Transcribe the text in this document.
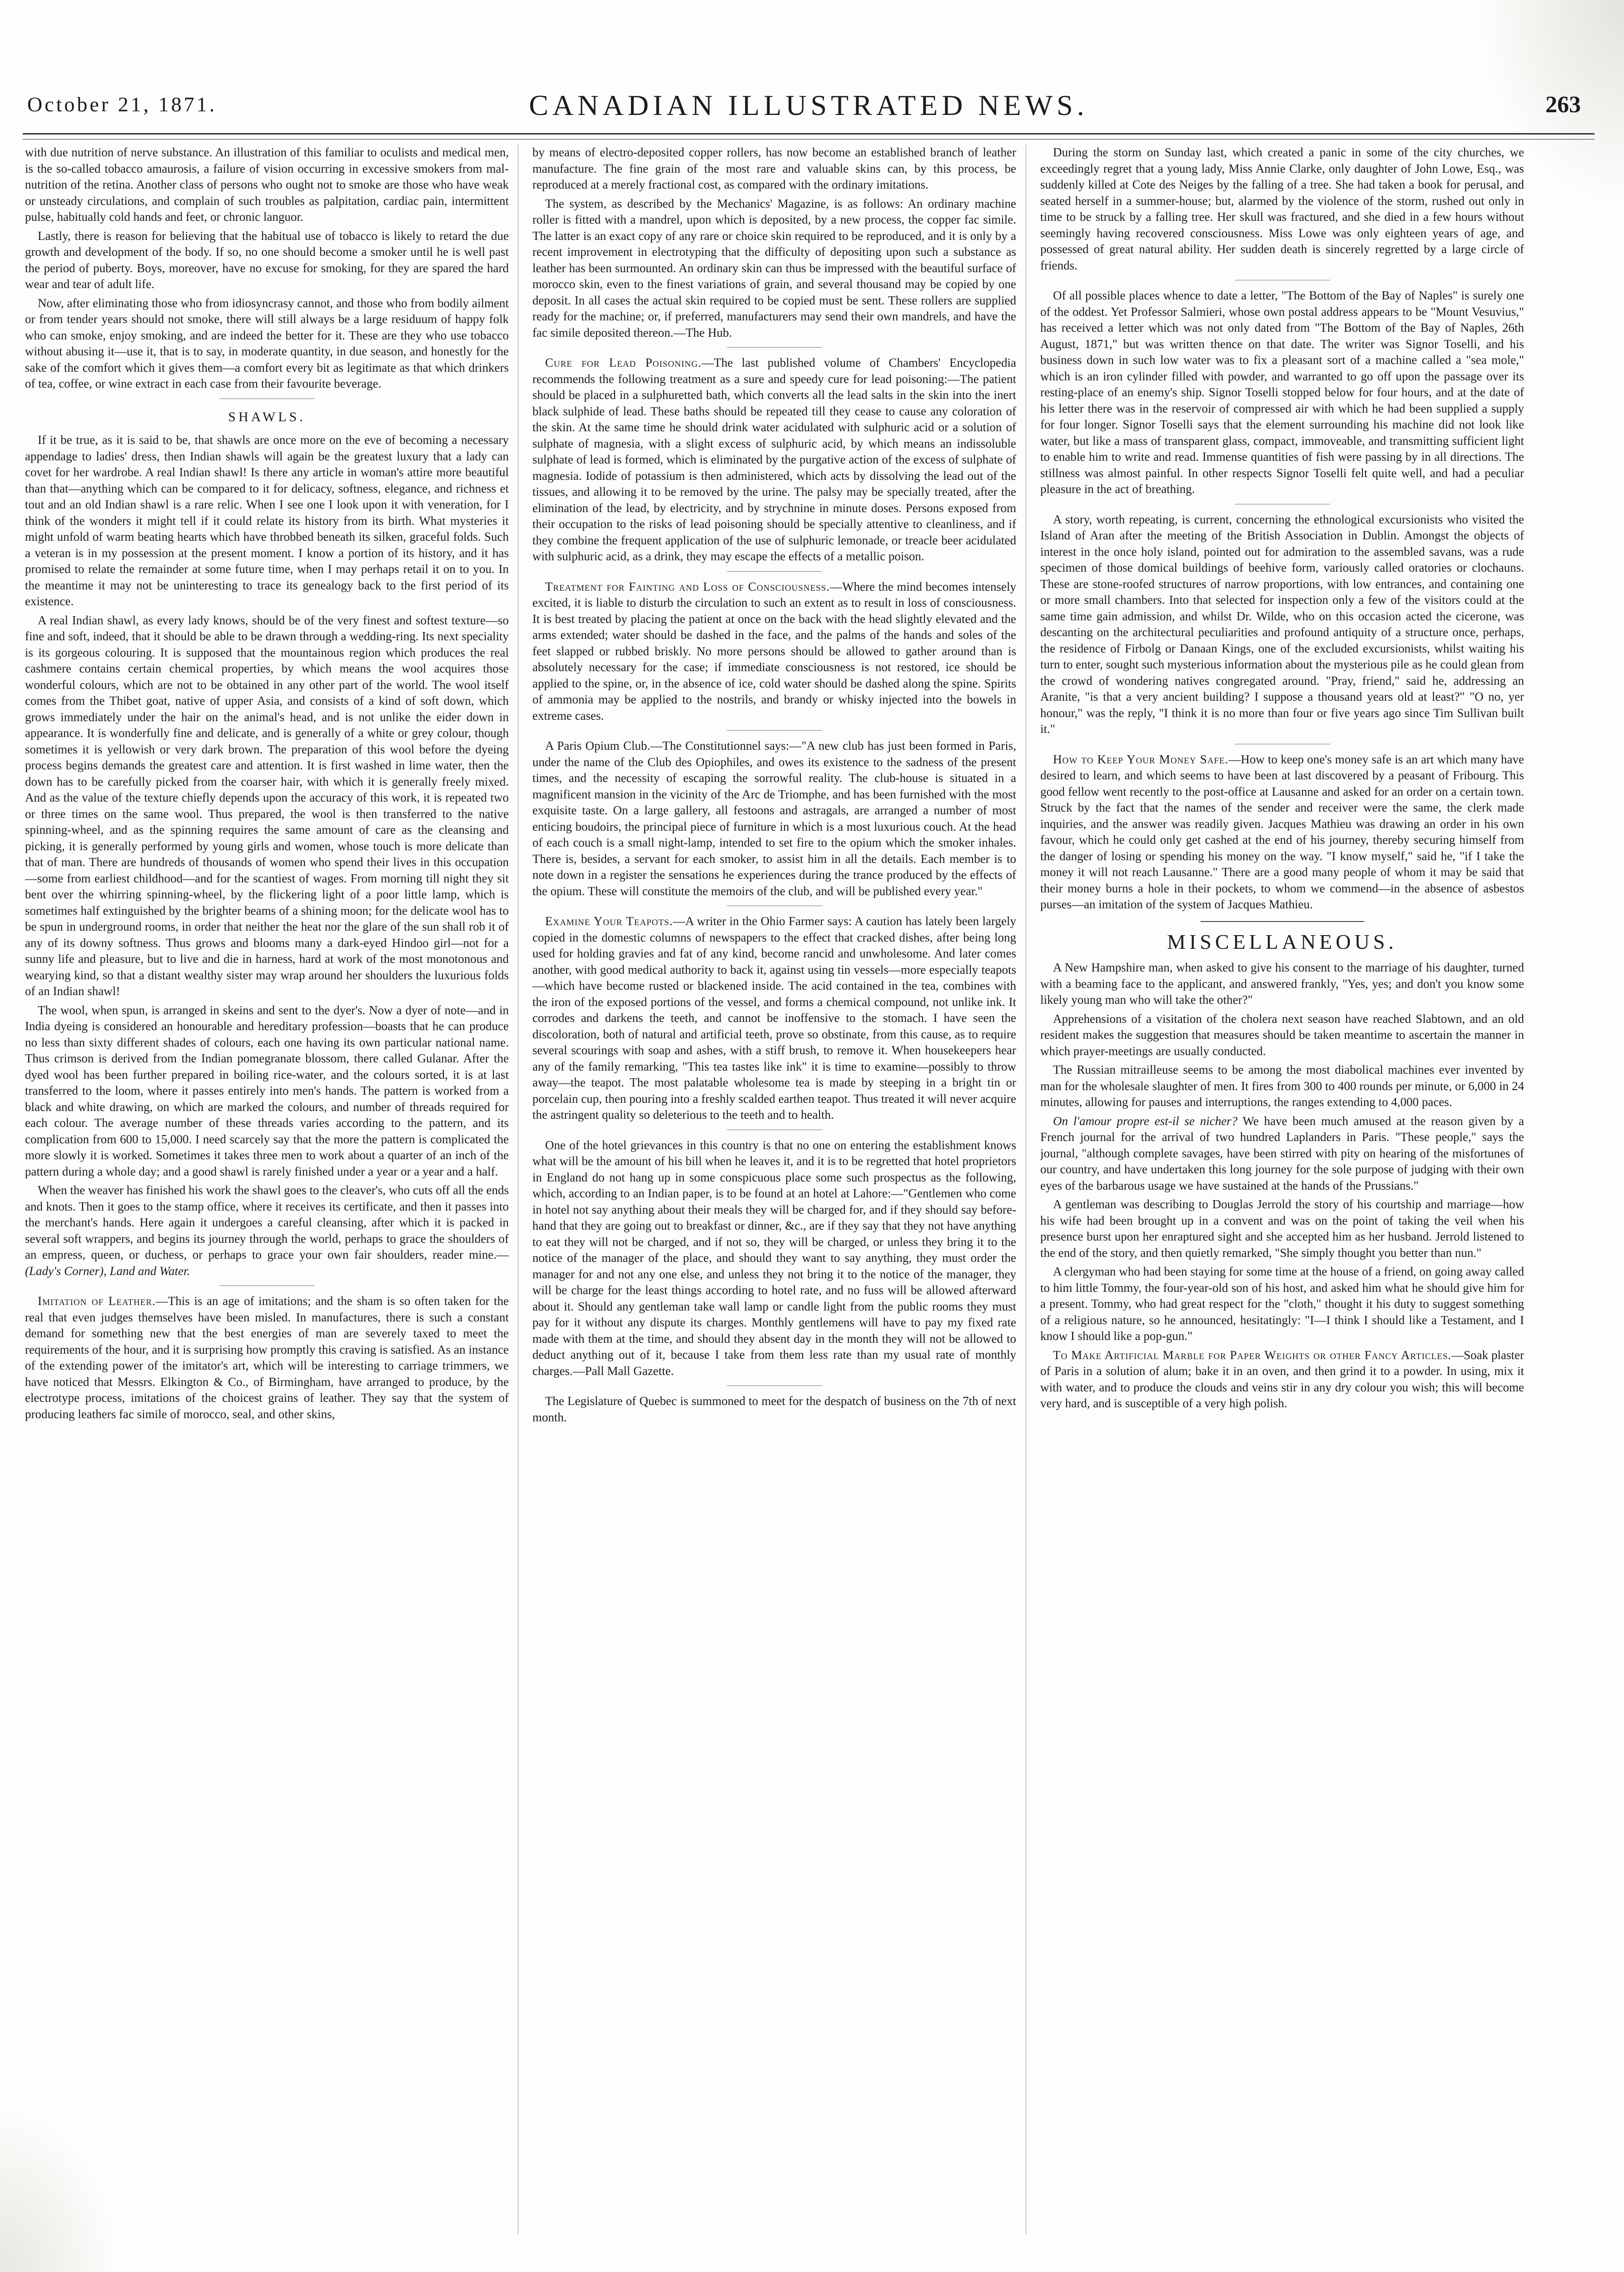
October 21, 1871.	CANADIAN ILLUSTRATED NEWS.	263

with due nutrition of nerve substance. An illustration of this familiar to oculists and medical men, is the so-called tobacco amaurosis, a failure of vision occurring in excessive smokers from mal-nutrition of the retina. Another class of persons who ought not to smoke are those who have weak or unsteady circulations, and complain of such troubles as palpitation, cardiac pain, intermittent pulse, habitually cold hands and feet, or chronic languor.

Lastly, there is reason for believing that the habitual use of tobacco is likely to retard the due growth and development of the body. If so, no one should become a smoker until he is well past the period of puberty. Boys, moreover, have no excuse for smoking, for they are spared the hard wear and tear of adult life.

Now, after eliminating those who from idiosyncrasy cannot, and those who from bodily ailment or from tender years should not smoke, there will still always be a large residuum of happy folk who can smoke, enjoy smoking, and are indeed the better for it. These are they who use tobacco without abusing it—use it, that is to say, in moderate quantity, in due season, and honestly for the sake of the comfort which it gives them—a comfort every bit as legitimate as that which drinkers of tea, coffee, or wine extract in each case from their favourite beverage.

SHAWLS.

If it be true, as it is said to be, that shawls are once more on the eve of becoming a necessary appendage to ladies' dress, then Indian shawls will again be the greatest luxury that a lady can covet for her wardrobe. A real Indian shawl! Is there any article in woman's attire more beautiful than that—anything which can be compared to it for delicacy, softness, elegance, and richness et tout and an old Indian shawl is a rare relic. When I see one I look upon it with veneration, for I think of the wonders it might tell if it could relate its history from its birth. What mysteries it might unfold of warm beating hearts which have throbbed beneath its silken, graceful folds. Such a veteran is in my possession at the present moment. I know a portion of its history, and it has promised to relate the remainder at some future time, when I may perhaps retail it on to you. In the meantime it may not be uninteresting to trace its genealogy back to the first period of its existence.

A real Indian shawl, as every lady knows, should be of the very finest and softest texture—so fine and soft, indeed, that it should be able to be drawn through a wedding-ring. Its next speciality is its gorgeous colouring. It is supposed that the mountainous region which produces the real cashmere contains certain chemical properties, by which means the wool acquires those wonderful colours, which are not to be obtained in any other part of the world. The wool itself comes from the Thibet goat, native of upper Asia, and consists of a kind of soft down, which grows immediately under the hair on the animal's head, and is not unlike the eider down in appearance. It is wonderfully fine and delicate, and is generally of a white or grey colour, though sometimes it is yellowish or very dark brown. The preparation of this wool before the dyeing process begins demands the greatest care and attention. It is first washed in lime water, then the down has to be carefully picked from the coarser hair, with which it is generally freely mixed. And as the value of the texture chiefly depends upon the accuracy of this work, it is repeated two or three times on the same wool. Thus prepared, the wool is then transferred to the native spinning-wheel, and as the spinning requires the same amount of care as the cleansing and picking, it is generally performed by young girls and women, whose touch is more delicate than that of man. There are hundreds of thousands of women who spend their lives in this occupation—some from earliest childhood—and for the scantiest of wages. From morning till night they sit bent over the whirring spinning-wheel, by the flickering light of a poor little lamp, which is sometimes half extinguished by the brighter beams of a shining moon; for the delicate wool has to be spun in underground rooms, in order that neither the heat nor the glare of the sun shall rob it of any of its downy softness. Thus grows and blooms many a dark-eyed Hindoo girl—not for a sunny life and pleasure, but to live and die in harness, hard at work of the most monotonous and wearying kind, so that a distant wealthy sister may wrap around her shoulders the luxurious folds of an Indian shawl!

The wool, when spun, is arranged in skeins and sent to the dyer's. Now a dyer of note—and in India dyeing is considered an honourable and hereditary profession—boasts that he can produce no less than sixty different shades of colours, each one having its own particular national name. Thus crimson is derived from the Indian pomegranate blossom, there called Gulanar. After the dyed wool has been further prepared in boiling rice-water, and the colours sorted, it is at last transferred to the loom, where it passes entirely into men's hands. The pattern is worked from a black and white drawing, on which are marked the colours, and number of threads required for each colour. The average number of these threads varies according to the pattern, and its complication from 600 to 15,000. I need scarcely say that the more the pattern is complicated the more slowly it is worked. Sometimes it takes three men to work about a quarter of an inch of the pattern during a whole day; and a good shawl is rarely finished under a year or a year and a half.

When the weaver has finished his work the shawl goes to the cleaver's, who cuts off all the ends and knots. Then it goes to the stamp office, where it receives its certificate, and then it passes into the merchant's hands. Here again it undergoes a careful cleansing, after which it is packed in several soft wrappers, and begins its journey through the world, perhaps to grace the shoulders of an empress, queen, or duchess, or perhaps to grace your own fair shoulders, reader mine.—(Lady's Corner), Land and Water.

Imitation of Leather.—This is an age of imitations; and the sham is so often taken for the real that even judges themselves have been misled. In manufactures, there is such a constant demand for something new that the best energies of man are severely taxed to meet the requirements of the hour, and it is surprising how promptly this craving is satisfied. As an instance of the extending power of the imitator's art, which will be interesting to carriage trimmers, we have noticed that Messrs. Elkington & Co., of Birmingham, have arranged to produce, by the electrotype process, imitations of the choicest grains of leather. They say that the system of producing leathers fac simile of morocco, seal, and other skins,

by means of electro-deposited copper rollers, has now become an established branch of leather manufacture. The fine grain of the most rare and valuable skins can, by this process, be reproduced at a merely fractional cost, as compared with the ordinary imitations.

The system, as described by the Mechanics' Magazine, is as follows: An ordinary machine roller is fitted with a mandrel, upon which is deposited, by a new process, the copper fac simile. The latter is an exact copy of any rare or choice skin required to be reproduced, and it is only by a recent improvement in electrotyping that the difficulty of depositing upon such a substance as leather has been surmounted. An ordinary skin can thus be impressed with the beautiful surface of morocco skin, even to the finest variations of grain, and several thousand may be copied by one deposit. In all cases the actual skin required to be copied must be sent. These rollers are supplied ready for the machine; or, if preferred, manufacturers may send their own mandrels, and have the fac simile deposited thereon.—The Hub.

Cure for Lead Poisoning.—The last published volume of Chambers' Encyclopedia recommends the following treatment as a sure and speedy cure for lead poisoning:—The patient should be placed in a sulphuretted bath, which converts all the lead salts in the skin into the inert black sulphide of lead. These baths should be repeated till they cease to cause any coloration of the skin. At the same time he should drink water acidulated with sulphuric acid or a solution of sulphate of magnesia, with a slight excess of sulphuric acid, by which means an indissoluble sulphate of lead is formed, which is eliminated by the purgative action of the excess of sulphate of magnesia. Iodide of potassium is then administered, which acts by dissolving the lead out of the tissues, and allowing it to be removed by the urine. The palsy may be specially treated, after the elimination of the lead, by electricity, and by strychnine in minute doses. Persons exposed from their occupation to the risks of lead poisoning should be specially attentive to cleanliness, and if they combine the frequent application of the use of sulphuric lemonade, or treacle beer acidulated with sulphuric acid, as a drink, they may escape the effects of a metallic poison.

Treatment for Fainting and Loss of Consciousness.—Where the mind becomes intensely excited, it is liable to disturb the circulation to such an extent as to result in loss of consciousness. It is best treated by placing the patient at once on the back with the head slightly elevated and the arms extended; water should be dashed in the face, and the palms of the hands and soles of the feet slapped or rubbed briskly. No more persons should be allowed to gather around than is absolutely necessary for the case; if immediate consciousness is not restored, ice should be applied to the spine, or, in the absence of ice, cold water should be dashed along the spine. Spirits of ammonia may be applied to the nostrils, and brandy or whisky injected into the bowels in extreme cases.

A Paris Opium Club.—The Constitutionnel says:—"A new club has just been formed in Paris, under the name of the Club des Opiophiles, and owes its existence to the sadness of the present times, and the necessity of escaping the sorrowful reality. The club-house is situated in a magnificent mansion in the vicinity of the Arc de Triomphe, and has been furnished with the most exquisite taste. On a large gallery, all festoons and astragals, are arranged a number of most enticing boudoirs, the principal piece of furniture in which is a most luxurious couch. At the head of each couch is a small night-lamp, intended to set fire to the opium which the smoker inhales. There is, besides, a servant for each smoker, to assist him in all the details. Each member is to note down in a register the sensations he experiences during the trance produced by the effects of the opium. These will constitute the memoirs of the club, and will be published every year."

Examine Your Teapots.—A writer in the Ohio Farmer says: A caution has lately been largely copied in the domestic columns of newspapers to the effect that cracked dishes, after being long used for holding gravies and fat of any kind, become rancid and unwholesome. And later comes another, with good medical authority to back it, against using tin vessels—more especially teapots—which have become rusted or blackened inside. The acid contained in the tea, combines with the iron of the exposed portions of the vessel, and forms a chemical compound, not unlike ink. It corrodes and darkens the teeth, and cannot be inoffensive to the stomach. I have seen the discoloration, both of natural and artificial teeth, prove so obstinate, from this cause, as to require several scourings with soap and ashes, with a stiff brush, to remove it. When housekeepers hear any of the family remarking, "This tea tastes like ink" it is time to examine—possibly to throw away—the teapot. The most palatable wholesome tea is made by steeping in a bright tin or porcelain cup, then pouring into a freshly scalded earthen teapot. Thus treated it will never acquire the astringent quality so deleterious to the teeth and to health.

One of the hotel grievances in this country is that no one on entering the establishment knows what will be the amount of his bill when he leaves it, and it is to be regretted that hotel proprietors in England do not hang up in some conspicuous place some such prospectus as the following, which, according to an Indian paper, is to be found at an hotel at Lahore:—"Gentlemen who come in hotel not say anything about their meals they will be charged for, and if they should say before-hand that they are going out to breakfast or dinner, &c., are if they say that they not have anything to eat they will not be charged, and if not so, they will be charged, or unless they bring it to the notice of the manager of the place, and should they want to say anything, they must order the manager for and not any one else, and unless they not bring it to the notice of the manager, they will be charge for the least things according to hotel rate, and no fuss will be allowed afterward about it. Should any gentleman take wall lamp or candle light from the public rooms they must pay for it without any dispute its charges. Monthly gentlemens will have to pay my fixed rate made with them at the time, and should they absent day in the month they will not be allowed to deduct anything out of it, because I take from them less rate than my usual rate of monthly charges.—Pall Mall Gazette.

The Legislature of Quebec is summoned to meet for the despatch of business on the 7th of next month.

During the storm on Sunday last, which created a panic in some of the city churches, we exceedingly regret that a young lady, Miss Annie Clarke, only daughter of John Lowe, Esq., was suddenly killed at Cote des Neiges by the falling of a tree. She had taken a book for perusal, and seated herself in a summer-house; but, alarmed by the violence of the storm, rushed out only in time to be struck by a falling tree. Her skull was fractured, and she died in a few hours without seemingly having recovered consciousness. Miss Lowe was only eighteen years of age, and possessed of great natural ability. Her sudden death is sincerely regretted by a large circle of friends.

Of all possible places whence to date a letter, "The Bottom of the Bay of Naples" is surely one of the oddest. Yet Professor Salmieri, whose own postal address appears to be "Mount Vesuvius," has received a letter which was not only dated from "The Bottom of the Bay of Naples, 26th August, 1871," but was written thence on that date. The writer was Signor Toselli, and his business down in such low water was to fix a pleasant sort of a machine called a "sea mole," which is an iron cylinder filled with powder, and warranted to go off upon the passage over its resting-place of an enemy's ship. Signor Toselli stopped below for four hours, and at the date of his letter there was in the reservoir of compressed air with which he had been supplied a supply for four longer. Signor Toselli says that the element surrounding his machine did not look like water, but like a mass of transparent glass, compact, immoveable, and transmitting sufficient light to enable him to write and read. Immense quantities of fish were passing by in all directions. The stillness was almost painful. In other respects Signor Toselli felt quite well, and had a peculiar pleasure in the act of breathing.

A story, worth repeating, is current, concerning the ethnological excursionists who visited the Island of Aran after the meeting of the British Association in Dublin. Amongst the objects of interest in the once holy island, pointed out for admiration to the assembled savans, was a rude specimen of those domical buildings of beehive form, variously called oratories or clochauns. These are stone-roofed structures of narrow proportions, with low entrances, and containing one or more small chambers. Into that selected for inspection only a few of the visitors could at the same time gain admission, and whilst Dr. Wilde, who on this occasion acted the cicerone, was descanting on the architectural peculiarities and profound antiquity of a structure once, perhaps, the residence of Firbolg or Danaan Kings, one of the excluded excursionists, whilst waiting his turn to enter, sought such mysterious information about the mysterious pile as he could glean from the crowd of wondering natives congregated around. "Pray, friend," said he, addressing an Aranite, "is that a very ancient building? I suppose a thousand years old at least?" "O no, yer honour," was the reply, "I think it is no more than four or five years ago since Tim Sullivan built it."

How to Keep Your Money Safe.—How to keep one's money safe is an art which many have desired to learn, and which seems to have been at last discovered by a peasant of Fribourg. This good fellow went recently to the post-office at Lausanne and asked for an order on a certain town. Struck by the fact that the names of the sender and receiver were the same, the clerk made inquiries, and the answer was readily given. Jacques Mathieu was drawing an order in his own favour, which he could only get cashed at the end of his journey, thereby securing himself from the danger of losing or spending his money on the way. "I know myself," said he, "if I take the money it will not reach Lausanne." There are a good many people of whom it may be said that their money burns a hole in their pockets, to whom we commend—in the absence of asbestos purses—an imitation of the system of Jacques Mathieu.

MISCELLANEOUS.

A New Hampshire man, when asked to give his consent to the marriage of his daughter, turned with a beaming face to the applicant, and answered frankly, "Yes, yes; and don't you know some likely young man who will take the other?"

Apprehensions of a visitation of the cholera next season have reached Slabtown, and an old resident makes the suggestion that measures should be taken meantime to ascertain the manner in which prayer-meetings are usually conducted.

The Russian mitrailleuse seems to be among the most diabolical machines ever invented by man for the wholesale slaughter of men. It fires from 300 to 400 rounds per minute, or 6,000 in 24 minutes, allowing for pauses and interruptions, the ranges extending to 4,000 paces.

On l'amour propre est-il se nicher? We have been much amused at the reason given by a French journal for the arrival of two hundred Laplanders in Paris. "These people," says the journal, "although complete savages, have been stirred with pity on hearing of the misfortunes of our country, and have undertaken this long journey for the sole purpose of judging with their own eyes of the barbarous usage we have sustained at the hands of the Prussians."

A gentleman was describing to Douglas Jerrold the story of his courtship and marriage—how his wife had been brought up in a convent and was on the point of taking the veil when his presence burst upon her enraptured sight and she accepted him as her husband. Jerrold listened to the end of the story, and then quietly remarked, "She simply thought you better than nun."

A clergyman who had been staying for some time at the house of a friend, on going away called to him little Tommy, the four-year-old son of his host, and asked him what he should give him for a present. Tommy, who had great respect for the "cloth," thought it his duty to suggest something of a religious nature, so he announced, hesitatingly: "I—I think I should like a Testament, and I know I should like a pop-gun."

To Make Artificial Marble for Paper Weights or other Fancy Articles.—Soak plaster of Paris in a solution of alum; bake it in an oven, and then grind it to a powder. In using, mix it with water, and to produce the clouds and veins stir in any dry colour you wish; this will become very hard, and is susceptible of a very high polish.
